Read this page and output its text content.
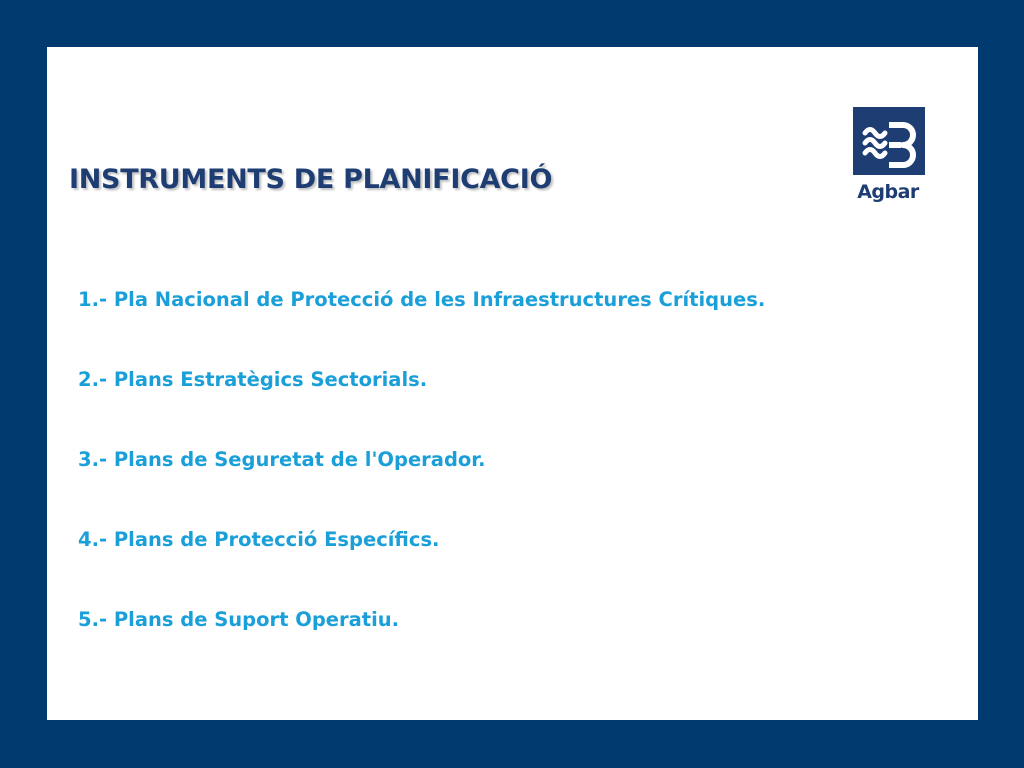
INSTRUMENTS DE PLANIFICACIÓ	Agbar
1.- Pla Nacional de Protecció de les Infraestructures Crítiques.
2.- Plans Estratègics Sectorials.
3.- Plans de Seguretat de l'Operador.
4.- Plans de Protecció Específics.
5.- Plans de Suport Operatiu.
